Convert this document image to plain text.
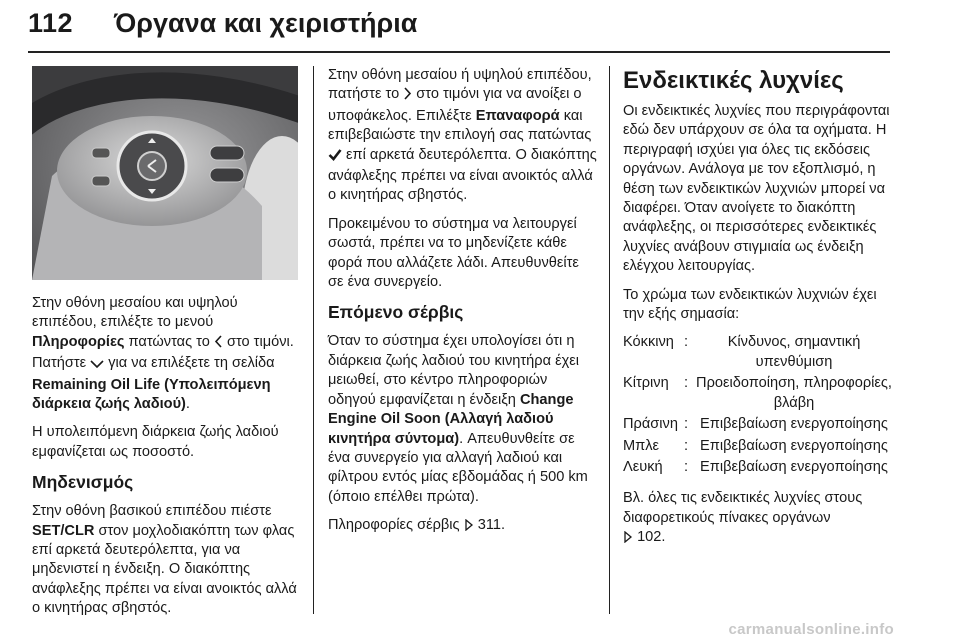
112 Όργανα και χειριστήρια

Στην οθόνη μεσαίου και υψηλού επιπέδου, επιλέξτε το μενού Πληροφορίες πατώντας το  στο τιμόνι. Πατήστε  για να επιλέξετε τη σελίδα Remaining Oil Life (Υπολειπόμενη διάρκεια ζωής λαδιού).

Η υπολειπόμενη διάρκεια ζωής λαδιού εμφανίζεται ως ποσοστό.

Μηδενισμός

Στην οθόνη βασικού επιπέδου πιέστε SET/CLR στον μοχλοδιακόπτη των φλας επί αρκετά δευτερόλεπτα, για να μηδενιστεί η ένδειξη. Ο διακόπτης ανάφλεξης πρέπει να είναι ανοικτός αλλά ο κινητήρας σβηστός.

Στην οθόνη μεσαίου ή υψηλού επιπέδου, πατήστε το  στο τιμόνι για να ανοίξει ο υποφάκελος. Επιλέξτε Επαναφορά και επιβεβαιώστε την επιλογή σας πατώντας  επί αρκετά δευτερόλεπτα. Ο διακόπτης ανάφλεξης πρέπει να είναι ανοικτός αλλά ο κινητήρας σβηστός.

Προκειμένου το σύστημα να λειτουργεί σωστά, πρέπει να το μηδενίζετε κάθε φορά που αλλάζετε λάδι. Απευθυνθείτε σε ένα συνεργείο.

Επόμενο σέρβις

Όταν το σύστημα έχει υπολογίσει ότι η διάρκεια ζωής λαδιού του κινητήρα έχει μειωθεί, στο κέντρο πληροφοριών οδηγού εμφανίζεται η ένδειξη Change Engine Oil Soon (Αλλαγή λαδιού κινητήρα σύντομα). Απευθυνθείτε σε ένα συνεργείο για αλλαγή λαδιού και φίλτρου εντός μίας εβδομάδας ή 500 km (όποιο επέλθει πρώτα).

Πληροφορίες σέρβις  311.

Ενδεικτικές λυχνίες

Οι ενδεικτικές λυχνίες που περιγράφονται εδώ δεν υπάρχουν σε όλα τα οχήματα. Η περιγραφή ισχύει για όλες τις εκδόσεις οργάνων. Ανάλογα με τον εξοπλισμό, η θέση των ενδεικτικών λυχνιών μπορεί να διαφέρει. Όταν ανοίγετε το διακόπτη ανάφλεξης, οι περισσότερες ενδεικτικές λυχνίες ανάβουν στιγμιαία ως ένδειξη ελέγχου λειτουργίας.

Το χρώμα των ενδεικτικών λυχνιών έχει την εξής σημασία:

Κόκκινη :	Κίνδυνος, σημαντική υπενθύμιση
Κίτρινη	: Προειδοποίηση, πληροφορίες, βλάβη
Πράσινη : Επιβεβαίωση ενεργοποίησης
Μπλε	: Επιβεβαίωση ενεργοποίησης
Λευκή	: Επιβεβαίωση ενεργοποίησης

Βλ. όλες τις ενδεικτικές λυχνίες στους διαφορετικούς πίνακες οργάνων
102.

carmanualsonline.info
